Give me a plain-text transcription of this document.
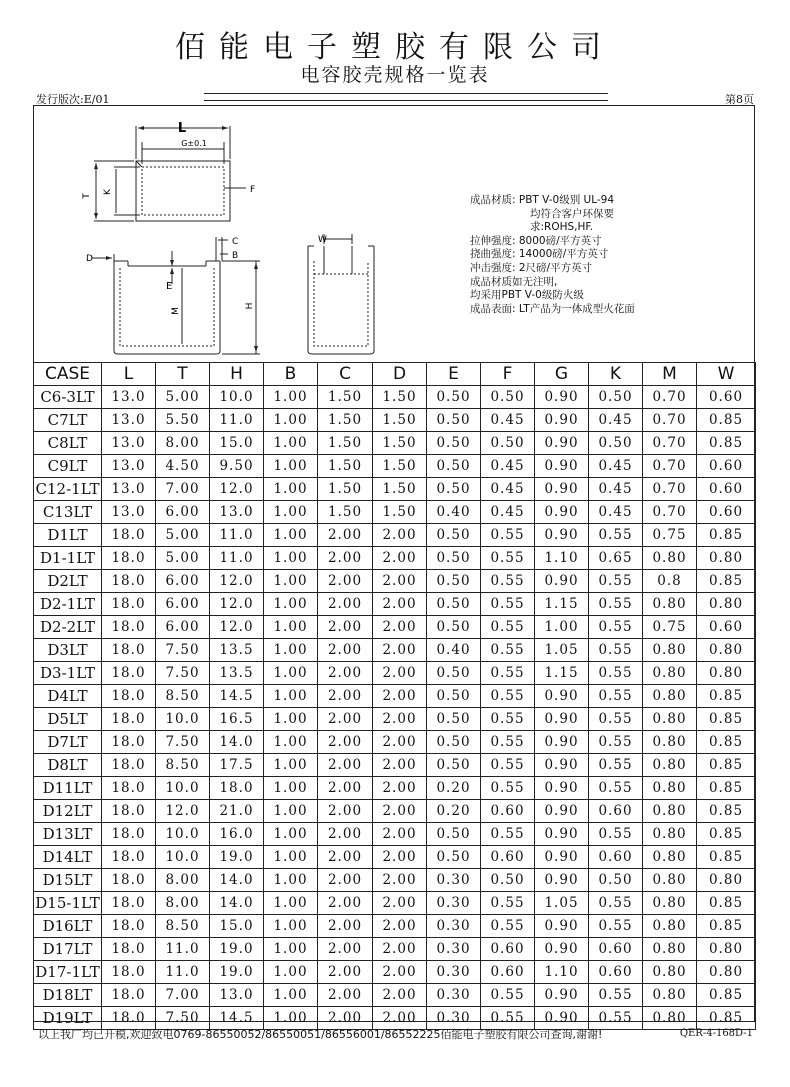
佰能电子塑胶有限公司
电容胶壳规格一览表
发行版次:E/01	第8页
L
G±0.1
T
K	F
D
C
B
E
M
H
W
成品材质: PBT V-0级别 UL-94
均符合客户环保要
求:ROHS,HF.
拉伸强度: 8000磅/平方英寸
挠曲强度: 14000磅/平方英寸
冲击强度: 2尺磅/平方英寸
成品材质如无注明,
均采用PBT V-0级防火级
成品表面: LT产品为一体成型火花面
CASE	L	T	H	B	C	D	E	F	G	K	M	W
C6-3LT	13.0	5.00	10.0	1.00	1.50	1.50	0.50	0.50	0.90	0.50	0.70	0.60
C7LT	13.0	5.50	11.0	1.00	1.50	1.50	0.50	0.45	0.90	0.45	0.70	0.85
C8LT	13.0	8.00	15.0	1.00	1.50	1.50	0.50	0.50	0.90	0.50	0.70	0.85
C9LT	13.0	4.50	9.50	1.00	1.50	1.50	0.50	0.45	0.90	0.45	0.70	0.60
C12-1LT	13.0	7.00	12.0	1.00	1.50	1.50	0.50	0.45	0.90	0.45	0.70	0.60
C13LT	13.0	6.00	13.0	1.00	1.50	1.50	0.40	0.45	0.90	0.45	0.70	0.60
D1LT	18.0	5.00	11.0	1.00	2.00	2.00	0.50	0.55	0.90	0.55	0.75	0.85
D1-1LT	18.0	5.00	11.0	1.00	2.00	2.00	0.50	0.55	1.10	0.65	0.80	0.80
D2LT	18.0	6.00	12.0	1.00	2.00	2.00	0.50	0.55	0.90	0.55	0.8	0.85
D2-1LT	18.0	6.00	12.0	1.00	2.00	2.00	0.50	0.55	1.15	0.55	0.80	0.80
D2-2LT	18.0	6.00	12.0	1.00	2.00	2.00	0.50	0.55	1.00	0.55	0.75	0.60
D3LT	18.0	7.50	13.5	1.00	2.00	2.00	0.40	0.55	1.05	0.55	0.80	0.80
D3-1LT	18.0	7.50	13.5	1.00	2.00	2.00	0.50	0.55	1.15	0.55	0.80	0.80
D4LT	18.0	8.50	14.5	1.00	2.00	2.00	0.50	0.55	0.90	0.55	0.80	0.85
D5LT	18.0	10.0	16.5	1.00	2.00	2.00	0.50	0.55	0.90	0.55	0.80	0.85
D7LT	18.0	7.50	14.0	1.00	2.00	2.00	0.50	0.55	0.90	0.55	0.80	0.85
D8LT	18.0	8.50	17.5	1.00	2.00	2.00	0.50	0.55	0.90	0.55	0.80	0.85
D11LT	18.0	10.0	18.0	1.00	2.00	2.00	0.20	0.55	0.90	0.55	0.80	0.85
D12LT	18.0	12.0	21.0	1.00	2.00	2.00	0.20	0.60	0.90	0.60	0.80	0.85
D13LT	18.0	10.0	16.0	1.00	2.00	2.00	0.50	0.55	0.90	0.55	0.80	0.85
D14LT	18.0	10.0	19.0	1.00	2.00	2.00	0.50	0.60	0.90	0.60	0.80	0.85
D15LT	18.0	8.00	14.0	1.00	2.00	2.00	0.30	0.50	0.90	0.50	0.80	0.80
D15-1LT	18.0	8.00	14.0	1.00	2.00	2.00	0.30	0.55	1.05	0.55	0.80	0.85
D16LT	18.0	8.50	15.0	1.00	2.00	2.00	0.30	0.55	0.90	0.55	0.80	0.85
D17LT	18.0	11.0	19.0	1.00	2.00	2.00	0.30	0.60	0.90	0.60	0.80	0.80
D17-1LT	18.0	11.0	19.0	1.00	2.00	2.00	0.30	0.60	1.10	0.60	0.80	0.80
D18LT	18.0	7.00	13.0	1.00	2.00	2.00	0.30	0.55	0.90	0.55	0.80	0.85
D19LT	18.0	7.50	14.5	1.00	2.00	2.00	0.30	0.55	0.90	0.55	0.80	0.85
以上我厂均已开模,欢迎致电0769-86550052/86550051/86556001/86552225佰能电子塑胶有限公司查询,谢谢!	QER-4-168D-1
